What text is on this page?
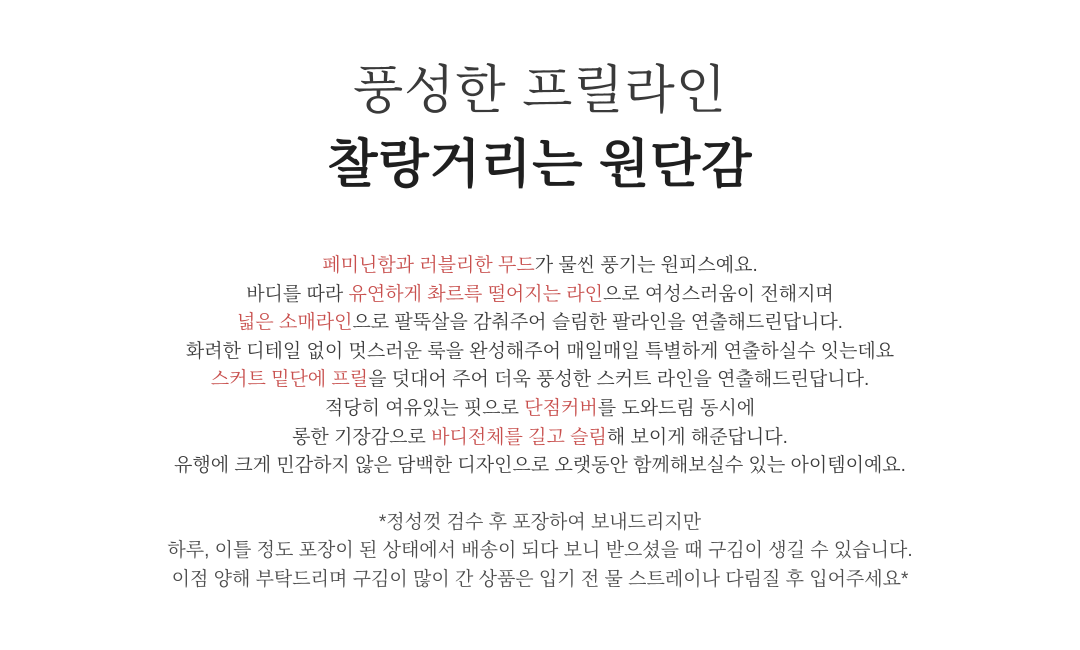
풍성한 프릴라인
찰랑거리는 원단감
페미닌함과 러블리한 무드가 물씬 풍기는 원피스예요.
바디를 따라 유연하게 촤르륵 떨어지는 라인으로 여성스러움이 전해지며
넓은 소매라인으로 팔뚝살을 감춰주어 슬림한 팔라인을 연출해드린답니다.
화려한 디테일 없이 멋스러운 룩을 완성해주어 매일매일 특별하게 연출하실수 잇는데요
스커트 밑단에 프릴을 덧대어 주어 더욱 풍성한 스커트 라인을 연출해드린답니다.
적당히 여유있는 핏으로 단점커버를 도와드림 동시에
롱한 기장감으로 바디전체를 길고 슬림해 보이게 해준답니다.
유행에 크게 민감하지 않은 담백한 디자인으로 오랫동안 함께해보실수 있는 아이템이예요.
*정성껏 검수 후 포장하여 보내드리지만
하루, 이틀 정도 포장이 된 상태에서 배송이 되다 보니 받으셨을 때 구김이 생길 수 있습니다.
이점 양해 부탁드리며 구김이 많이 간 상품은 입기 전 물 스트레이나 다림질 후 입어주세요*
